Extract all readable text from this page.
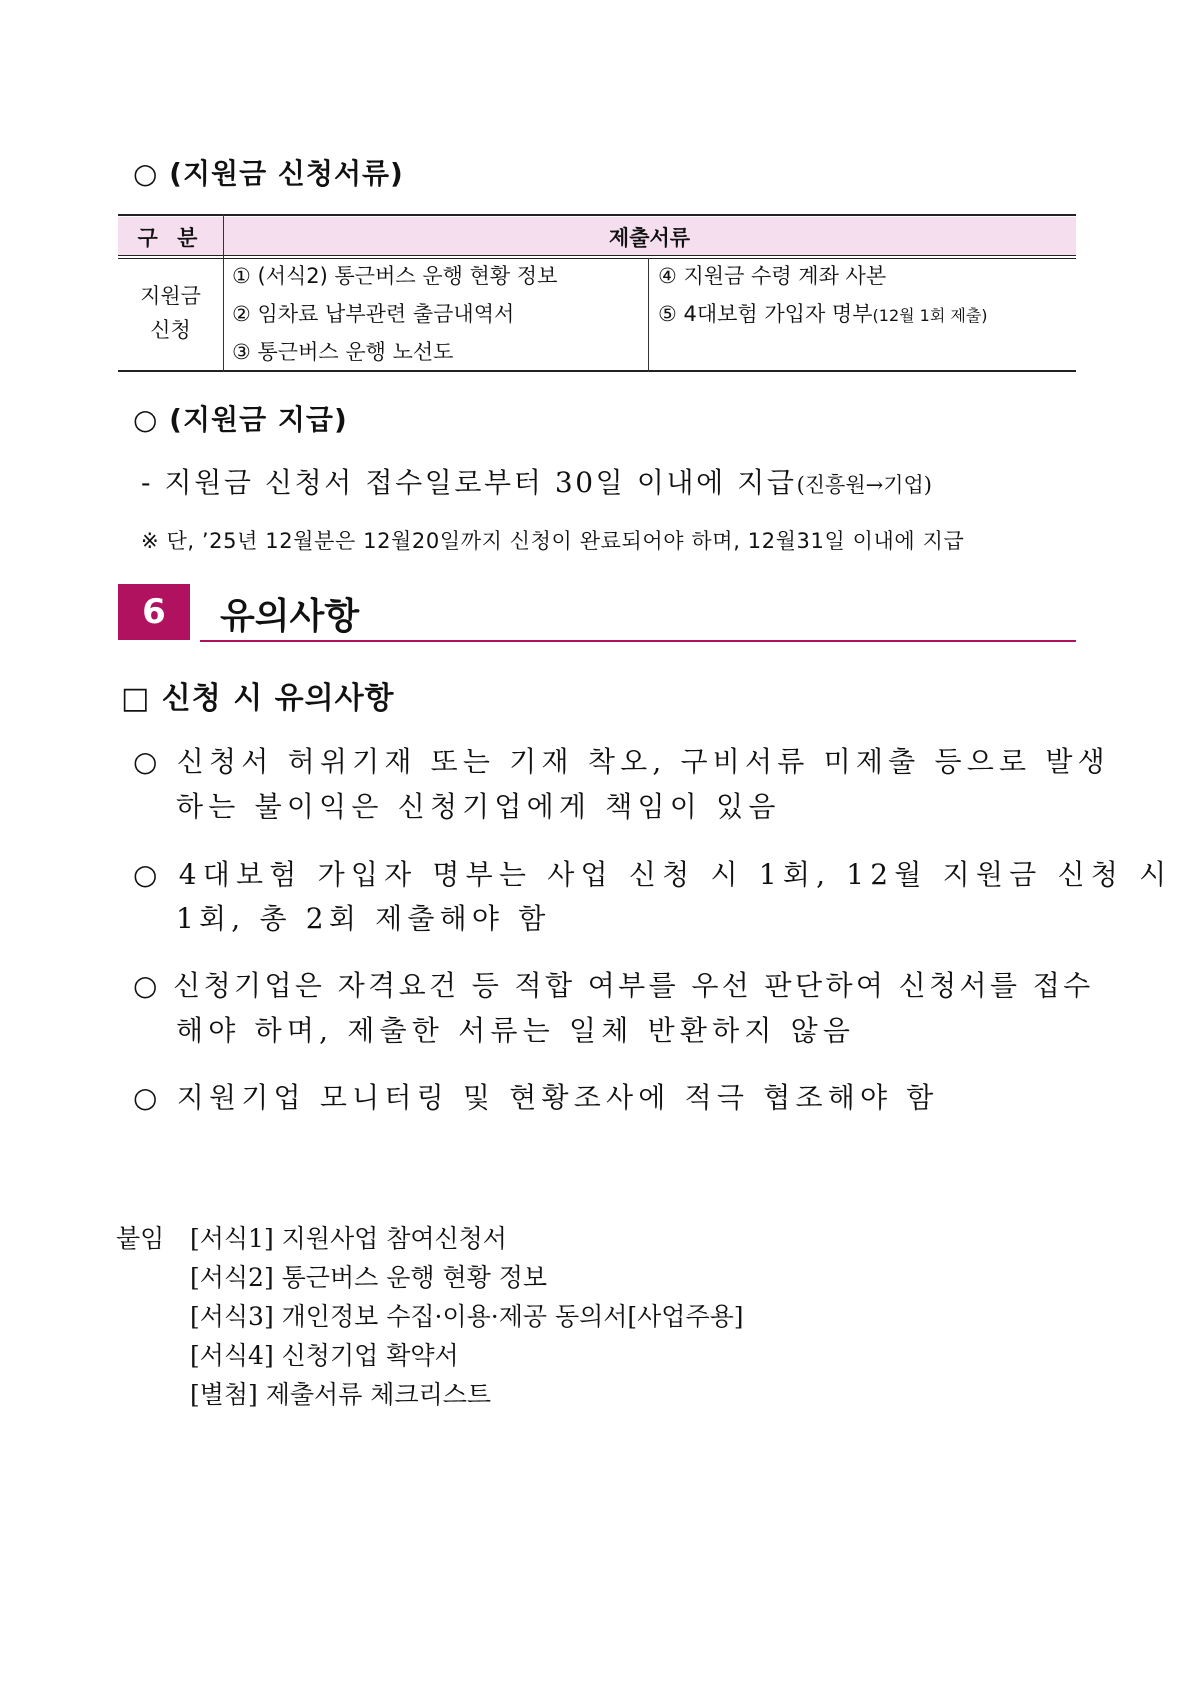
○ (지원금 신청서류)
구 분	제출서류
지원금
신청
① (서식2) 통근버스 운행 현황 정보
② 임차료 납부관련 출금내역서
③ 통근버스 운행 노선도
④ 지원금 수령 계좌 사본
⑤ 4대보험 가입자 명부(12월 1회 제출)
○ (지원금 지급)
- 지원금 신청서 접수일로부터 30일 이내에 지급(진흥원→기업)
※ 단, ’25년 12월분은 12월20일까지 신청이 완료되어야 하며, 12월31일 이내에 지급
6	유의사항
□ 신청 시 유의사항
○ 신청서 허위기재 또는 기재 착오, 구비서류 미제출 등으로 발생
하는 불이익은 신청기업에게 책임이 있음
○ 4대보험 가입자 명부는 사업 신청 시 1회, 12월 지원금 신청 시
1회, 총 2회 제출해야 함
○ 신청기업은 자격요건 등 적합 여부를 우선 판단하여 신청서를 접수
해야 하며, 제출한 서류는 일체 반환하지 않음
○ 지원기업 모니터링 및 현황조사에 적극 협조해야 함
붙임 [서식1] 지원사업 참여신청서
[서식2] 통근버스 운행 현황 정보
[서식3] 개인정보 수집·이용·제공 동의서[사업주용]
[서식4] 신청기업 확약서
[별첨] 제출서류 체크리스트
